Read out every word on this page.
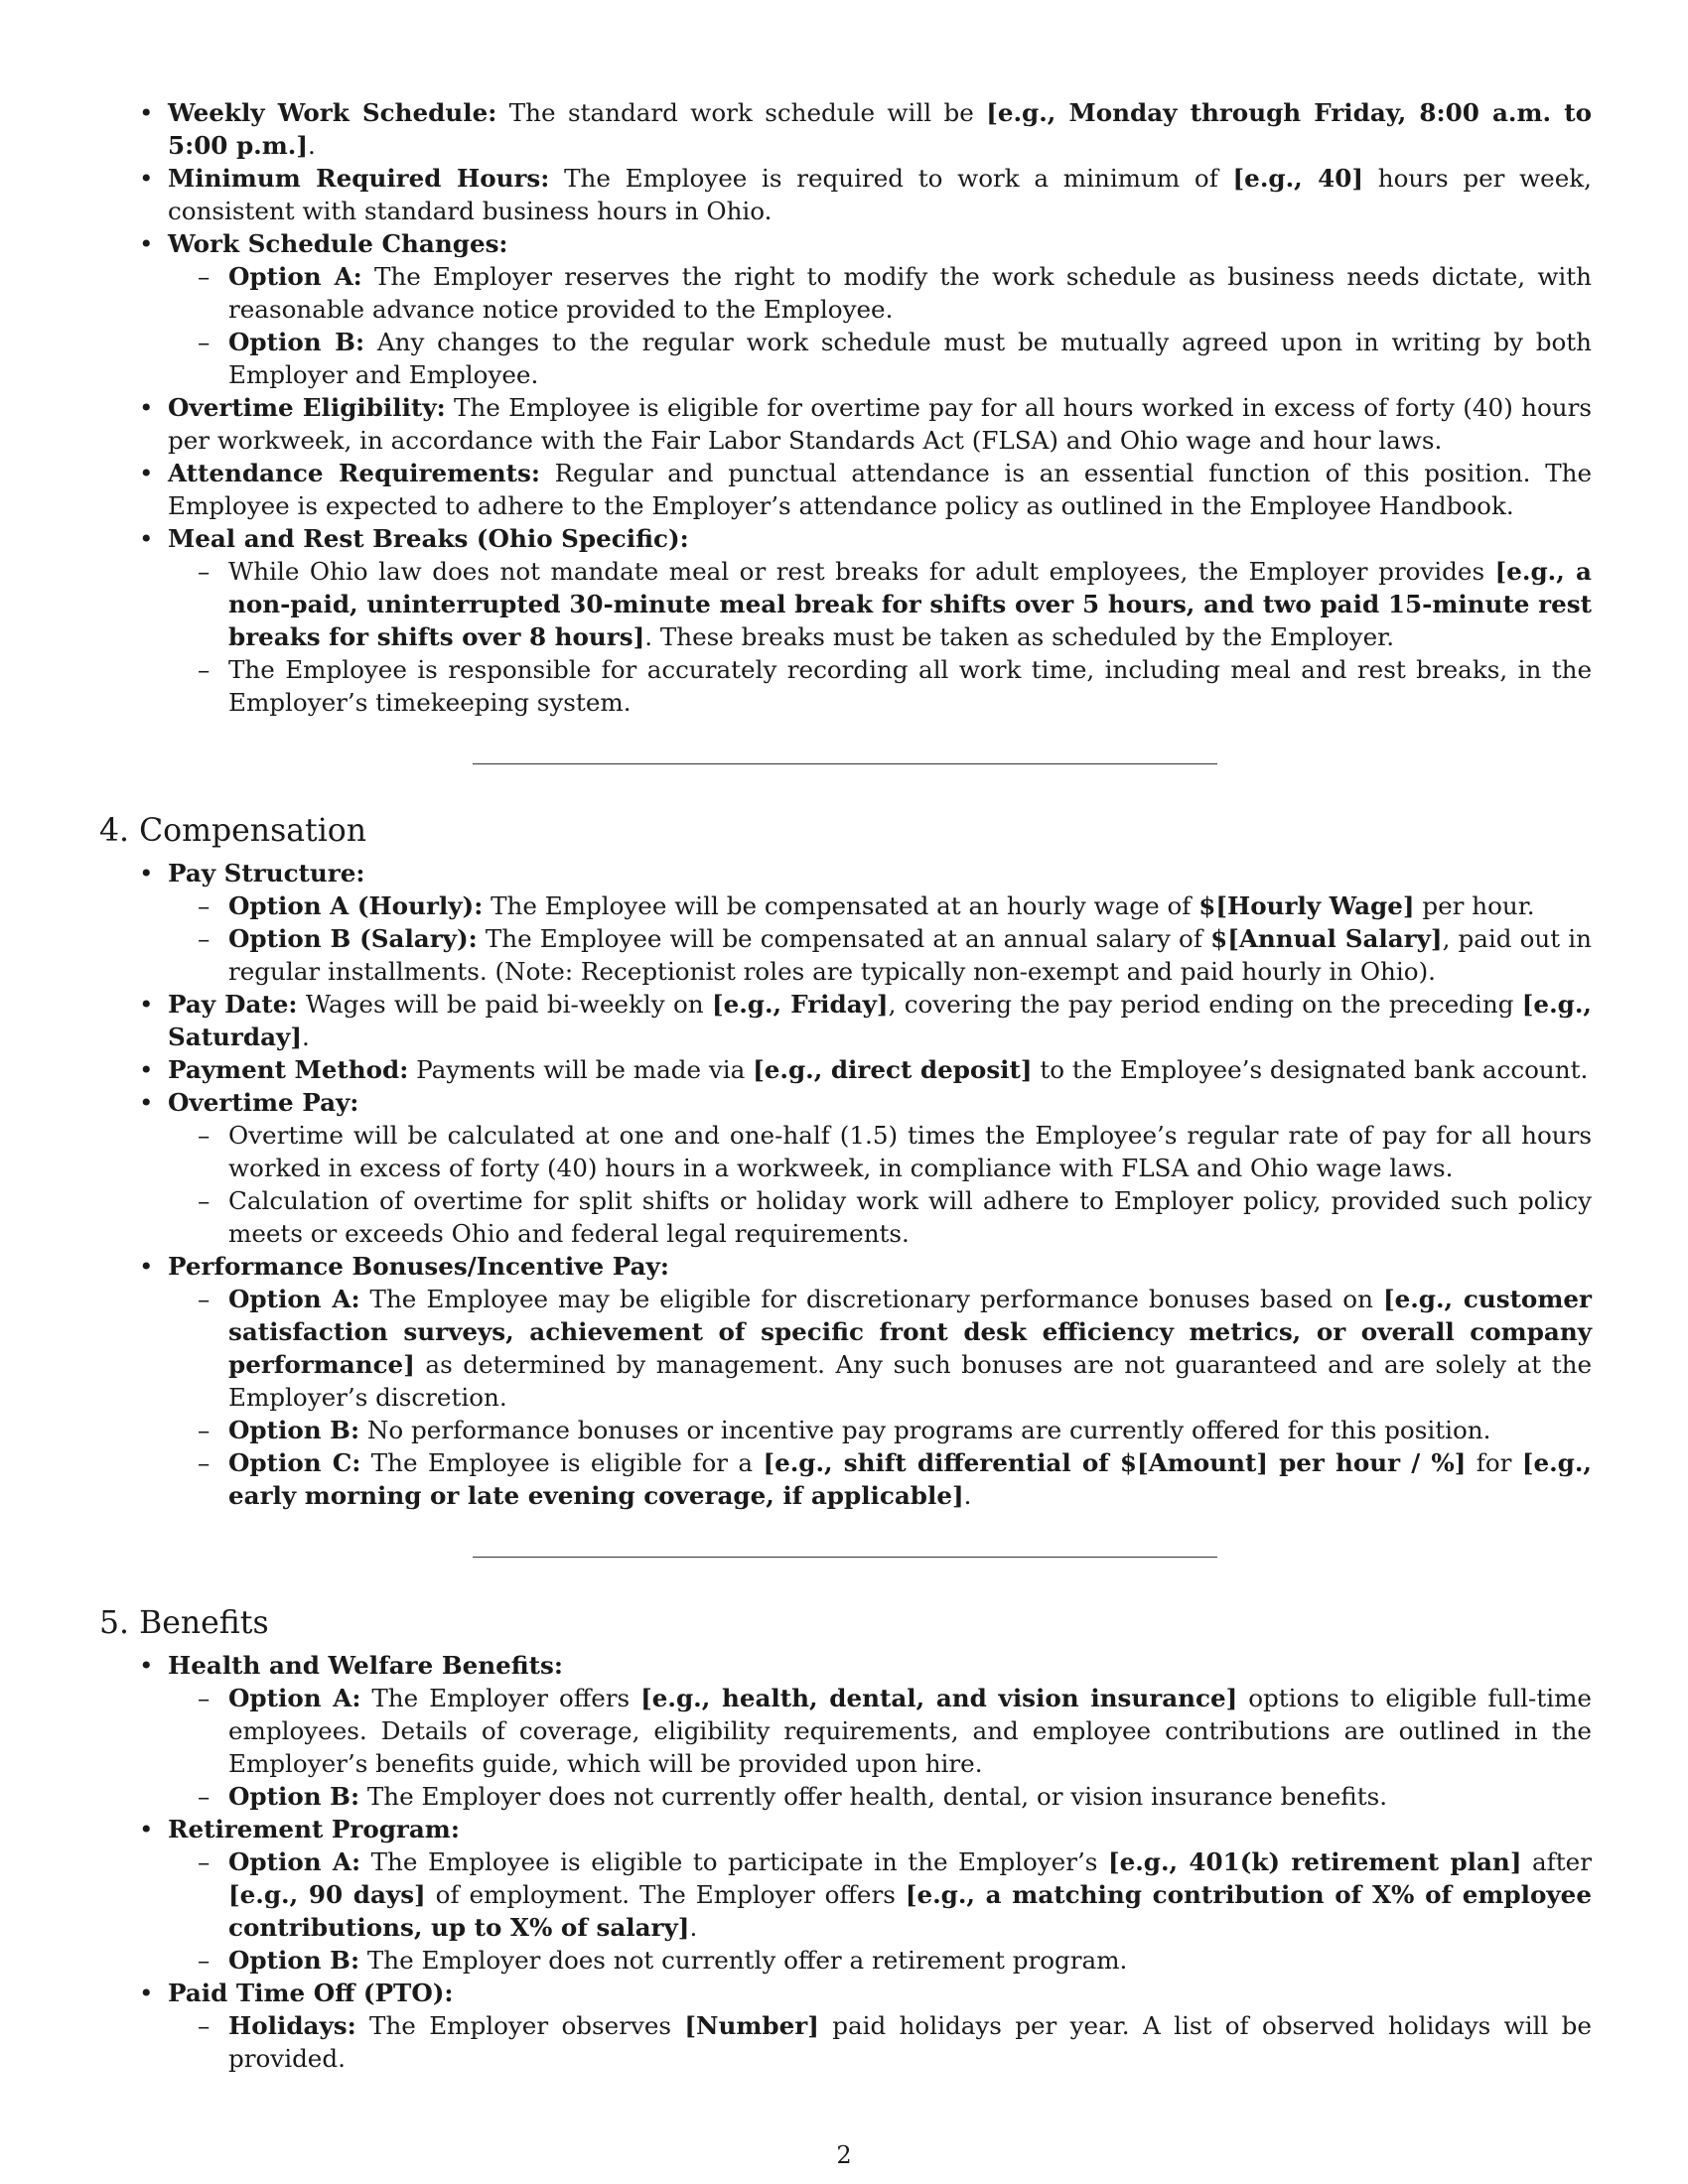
• Weekly Work Schedule: The standard work schedule will be [e.g., Monday through Friday, 8:00 a.m. to 5:00 p.m.].
• Minimum Required Hours: The Employee is required to work a minimum of [e.g., 40] hours per week, consistent with standard business hours in Ohio.
• Work Schedule Changes:
– Option A: The Employer reserves the right to modify the work schedule as business needs dictate, with reasonable advance notice provided to the Employee.
– Option B: Any changes to the regular work schedule must be mutually agreed upon in writing by both Employer and Employee.
• Overtime Eligibility: The Employee is eligible for overtime pay for all hours worked in excess of forty (40) hours per workweek, in accordance with the Fair Labor Standards Act (FLSA) and Ohio wage and hour laws.
• Attendance Requirements: Regular and punctual attendance is an essential function of this position. The Employee is expected to adhere to the Employer’s attendance policy as outlined in the Employee Handbook.
• Meal and Rest Breaks (Ohio Specific):
– While Ohio law does not mandate meal or rest breaks for adult employees, the Employer provides [e.g., a non-paid, uninterrupted 30-minute meal break for shifts over 5 hours, and two paid 15-minute rest breaks for shifts over 8 hours]. These breaks must be taken as scheduled by the Employer.
– The Employee is responsible for accurately recording all work time, including meal and rest breaks, in the Employer’s timekeeping system.
4. Compensation
• Pay Structure:
– Option A (Hourly): The Employee will be compensated at an hourly wage of $[Hourly Wage] per hour.
– Option B (Salary): The Employee will be compensated at an annual salary of $[Annual Salary], paid out in regular installments. (Note: Receptionist roles are typically non-exempt and paid hourly in Ohio).
• Pay Date: Wages will be paid bi-weekly on [e.g., Friday], covering the pay period ending on the preceding [e.g., Saturday].
• Payment Method: Payments will be made via [e.g., direct deposit] to the Employee’s designated bank account.
• Overtime Pay:
– Overtime will be calculated at one and one-half (1.5) times the Employee’s regular rate of pay for all hours worked in excess of forty (40) hours in a workweek, in compliance with FLSA and Ohio wage laws.
– Calculation of overtime for split shifts or holiday work will adhere to Employer policy, provided such policy meets or exceeds Ohio and federal legal requirements.
• Performance Bonuses/Incentive Pay:
– Option A: The Employee may be eligible for discretionary performance bonuses based on [e.g., customer satisfaction surveys, achievement of specific front desk efficiency metrics, or overall company performance] as determined by management. Any such bonuses are not guaranteed and are solely at the Employer’s discretion.
– Option B: No performance bonuses or incentive pay programs are currently offered for this position.
– Option C: The Employee is eligible for a [e.g., shift differential of $[Amount] per hour / %] for [e.g., early morning or late evening coverage, if applicable].
5. Benefits
• Health and Welfare Benefits:
– Option A: The Employer offers [e.g., health, dental, and vision insurance] options to eligible full-time employees. Details of coverage, eligibility requirements, and employee contributions are outlined in the Employer’s benefits guide, which will be provided upon hire.
– Option B: The Employer does not currently offer health, dental, or vision insurance benefits.
• Retirement Program:
– Option A: The Employee is eligible to participate in the Employer’s [e.g., 401(k) retirement plan] after [e.g., 90 days] of employment. The Employer offers [e.g., a matching contribution of X% of employee contributions, up to X% of salary].
– Option B: The Employer does not currently offer a retirement program.
• Paid Time Off (PTO):
– Holidays: The Employer observes [Number] paid holidays per year. A list of observed holidays will be provided.
2
